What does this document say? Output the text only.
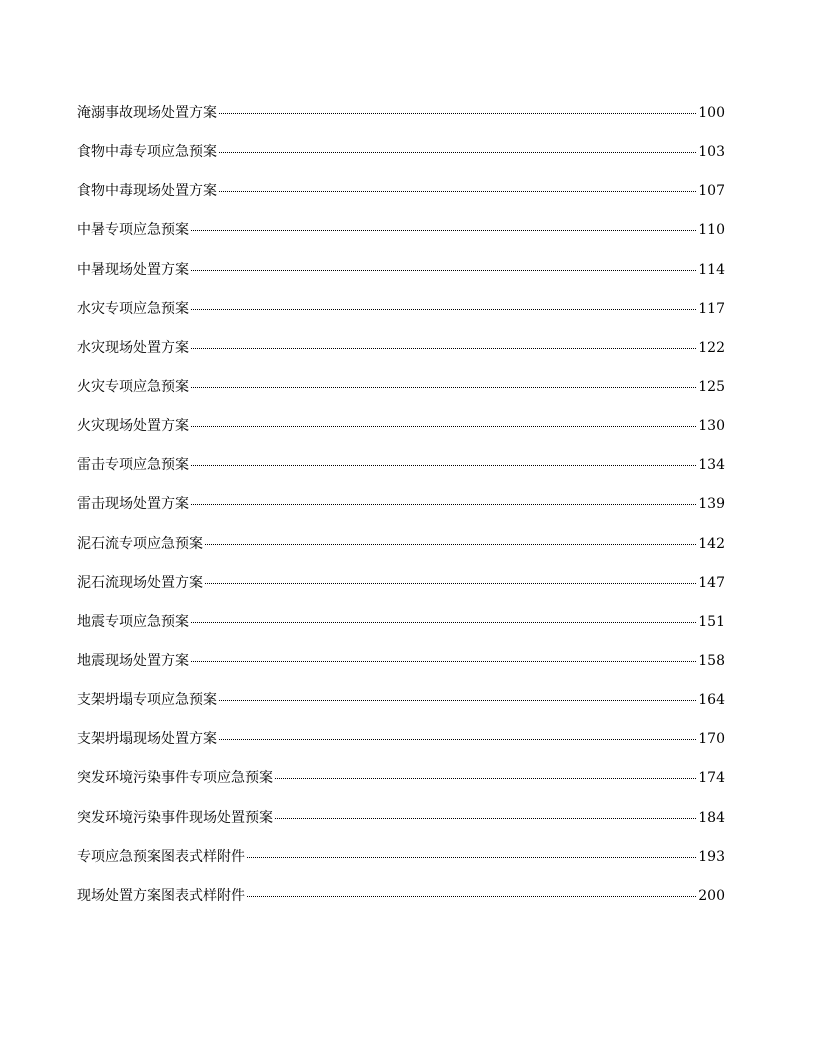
淹溺事故现场处置方案	100
食物中毒专项应急预案	103
食物中毒现场处置方案	107
中暑专项应急预案	110
中暑现场处置方案	114
水灾专项应急预案	117
水灾现场处置方案	122
火灾专项应急预案	125
火灾现场处置方案	130
雷击专项应急预案	134
雷击现场处置方案	139
泥石流专项应急预案	142
泥石流现场处置方案	147
地震专项应急预案	151
地震现场处置方案	158
支架坍塌专项应急预案	164
支架坍塌现场处置方案	170
突发环境污染事件专项应急预案	174
突发环境污染事件现场处置预案	184
专项应急预案图表式样附件	193
现场处置方案图表式样附件	200
